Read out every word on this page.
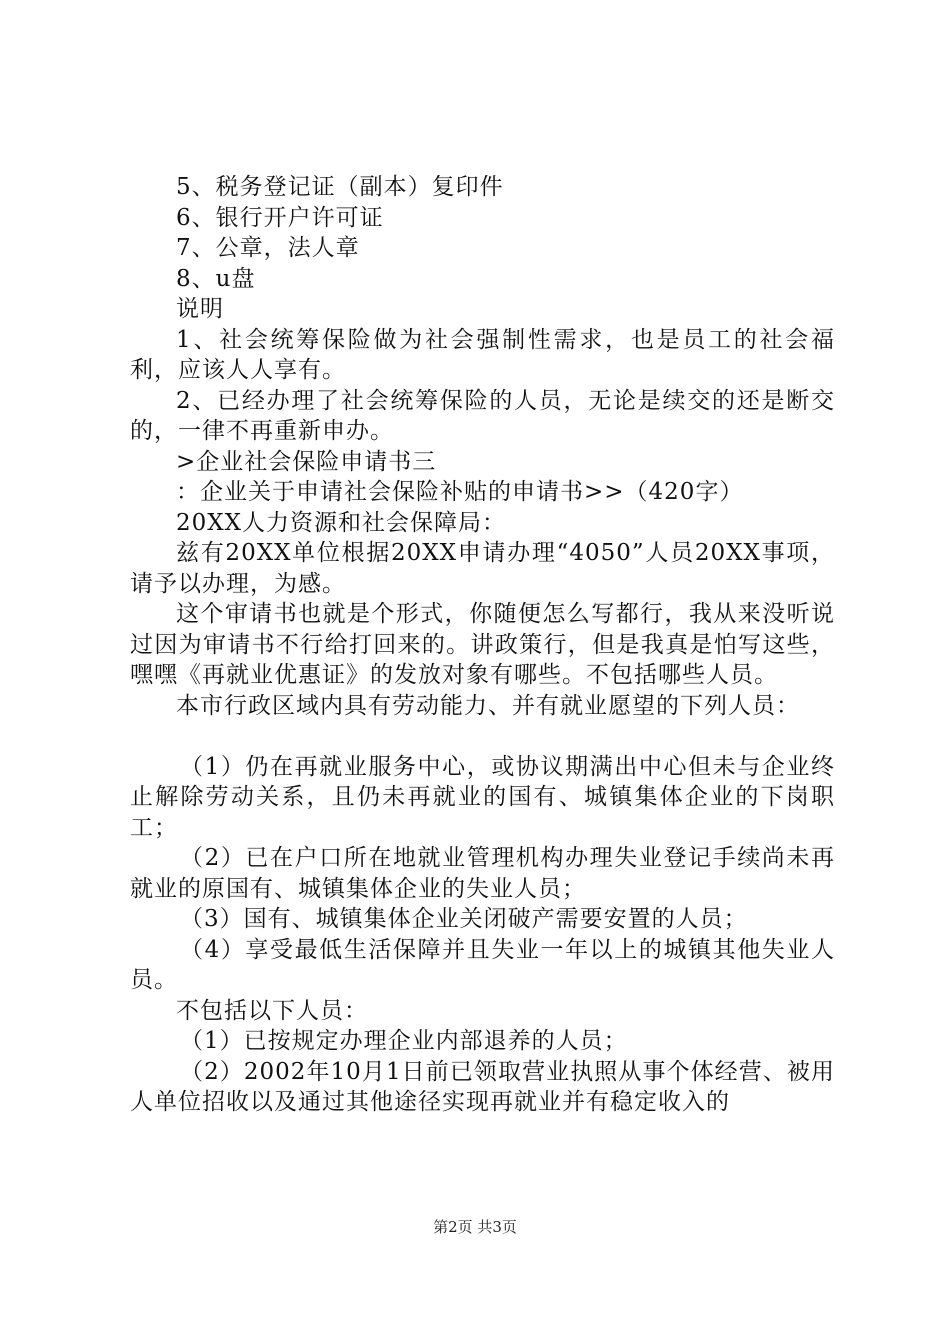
5、税务登记证（副本）复印件

6、银行开户许可证

7、公章，法人章

8、u盘

说明

1、社会统筹保险做为社会强制性需求，也是员工的社会福利，应该人人享有。

2、已经办理了社会统筹保险的人员，无论是续交的还是断交的，一律不再重新申办。

>企业社会保险申请书三

：企业关于申请社会保险补贴的申请书>>（420字）

20XX人力资源和社会保障局：

兹有20XX单位根据20XX申请办理“4050”人员20XX事项，请予以办理，为感。

这个审请书也就是个形式，你随便怎么写都行，我从来没听说过因为审请书不行给打回来的。讲政策行，但是我真是怕写这些，嘿嘿《再就业优惠证》的发放对象有哪些。不包括哪些人员。

本市行政区域内具有劳动能力、并有就业愿望的下列人员：

（1）仍在再就业服务中心，或协议期满出中心但未与企业终止解除劳动关系，且仍未再就业的国有、城镇集体企业的下岗职工；

（2）已在户口所在地就业管理机构办理失业登记手续尚未再就业的原国有、城镇集体企业的失业人员；

（3）国有、城镇集体企业关闭破产需要安置的人员；

（4）享受最低生活保障并且失业一年以上的城镇其他失业人员。

不包括以下人员：

（1）已按规定办理企业内部退养的人员；

（2）2002年10月1日前已领取营业执照从事个体经营、被用人单位招收以及通过其他途径实现再就业并有稳定收入的

第2页 共3页
